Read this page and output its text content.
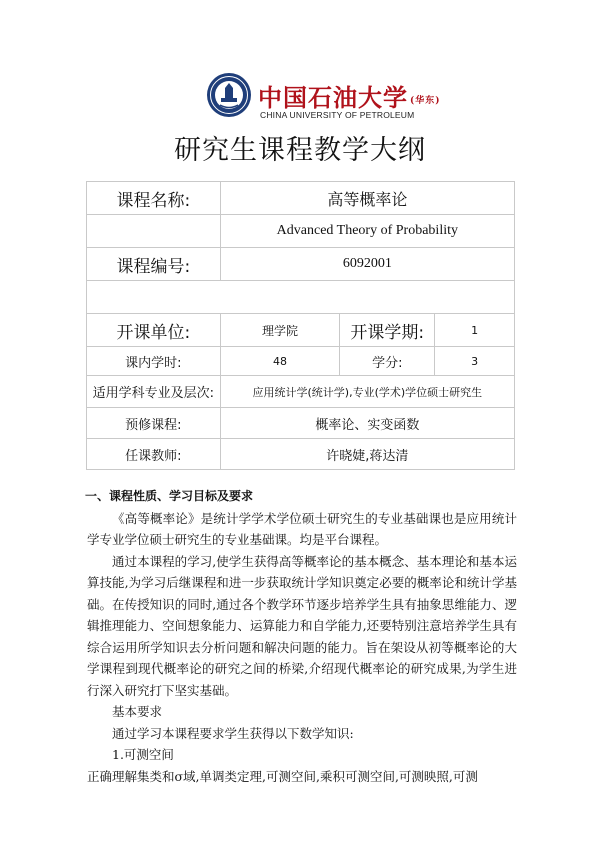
中国石油大学 (华东)
CHINA UNIVERSITY OF PETROLEUM
研究生课程教学大纲
课程名称:	高等概率论		
	Advanced Theory of Probability		
课程编号:	6092001		

开课单位:	理学院	开课学期:	1
课内学时:	48	学分:	3
适用学科专业及层次:	应用统计学(统计学),专业(学术)学位硕士研究生		
预修课程:	概率论、实变函数		
任课教师:	许晓婕,蒋达清		
一、课程性质、学习目标及要求

《高等概率论》是统计学学术学位硕士研究生的专业基础课也是应用统计学专业学位硕士研究生的专业基础课。均是平台课程。

通过本课程的学习,使学生获得高等概率论的基本概念、基本理论和基本运算技能,为学习后继课程和进一步获取统计学知识奠定必要的概率论和统计学基础。在传授知识的同时,通过各个教学环节逐步培养学生具有抽象思维能力、逻辑推理能力、空间想象能力、运算能力和自学能力,还要特别注意培养学生具有综合运用所学知识去分析问题和解决问题的能力。旨在架设从初等概率论的大学课程到现代概率论的研究之间的桥梁,介绍现代概率论的研究成果,为学生进行深入研究打下坚实基础。

基本要求
通过学习本课程要求学生获得以下数学知识:
1.可测空间
正确理解集类和σ域,单调类定理,可测空间,乘积可测空间,可测映照,可测
